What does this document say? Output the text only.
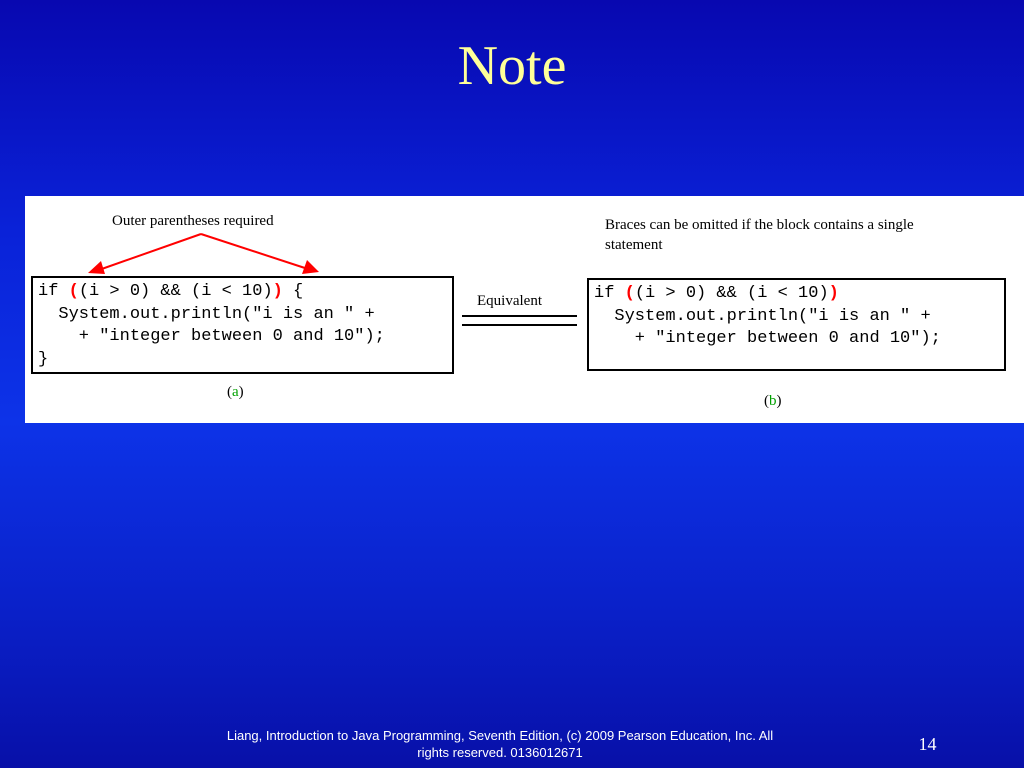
Note
Outer parentheses required	Braces can be omitted if the block contains a single
statement
Equivalent
if ((i > 0) && (i < 10)) {
System.out.println("i is an " +
+ "integer between 0 and 10");
}
(a)
if ((i > 0) && (i < 10))
System.out.println("i is an " +
+ "integer between 0 and 10");
(b)
Liang, Introduction to Java Programming, Seventh Edition, (c) 2009 Pearson Education, Inc. All
rights reserved. 0136012671	14
